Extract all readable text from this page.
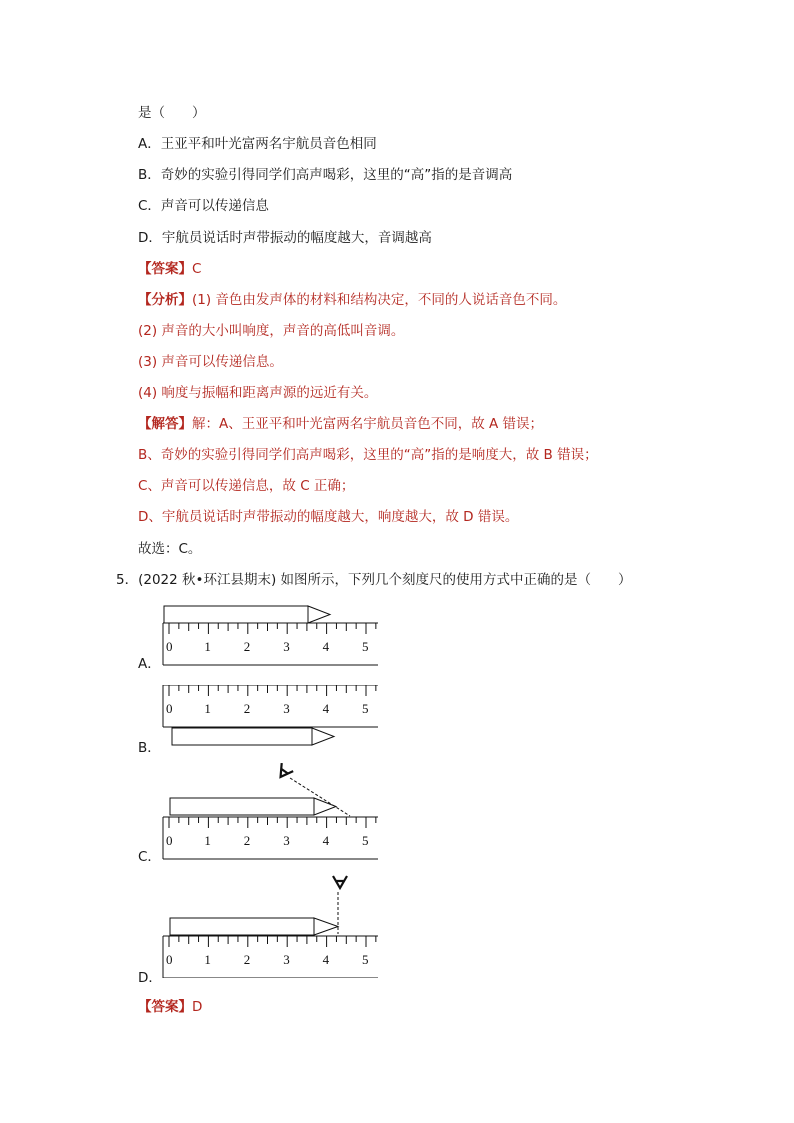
是（　　）
A．王亚平和叶光富两名宇航员音色相同
B．奇妙的实验引得同学们高声喝彩，这里的“高”指的是音调高
C．声音可以传递信息
D．宇航员说话时声带振动的幅度越大，音调越高
【答案】C
【分析】(1) 音色由发声体的材料和结构决定，不同的人说话音色不同。
(2) 声音的大小叫响度，声音的高低叫音调。
(3) 声音可以传递信息。
(4) 响度与振幅和距离声源的远近有关。
【解答】解：A、王亚平和叶光富两名宇航员音色不同，故 A 错误；
B、奇妙的实验引得同学们高声喝彩，这里的“高”指的是响度大，故 B 错误；
C、声音可以传递信息，故 C 正确；
D、宇航员说话时声带振动的幅度越大，响度越大，故 D 错误。
故选：C。
5．(2022 秋•环江县期末) 如图所示，下列几个刻度尺的使用方式中正确的是（　　）
0 1	2	3	4	5
A．
0 1	2	3	4	5
B．
0 1	2	3	4	5
C．
0 1	2	3	4	5
D．
【答案】D
